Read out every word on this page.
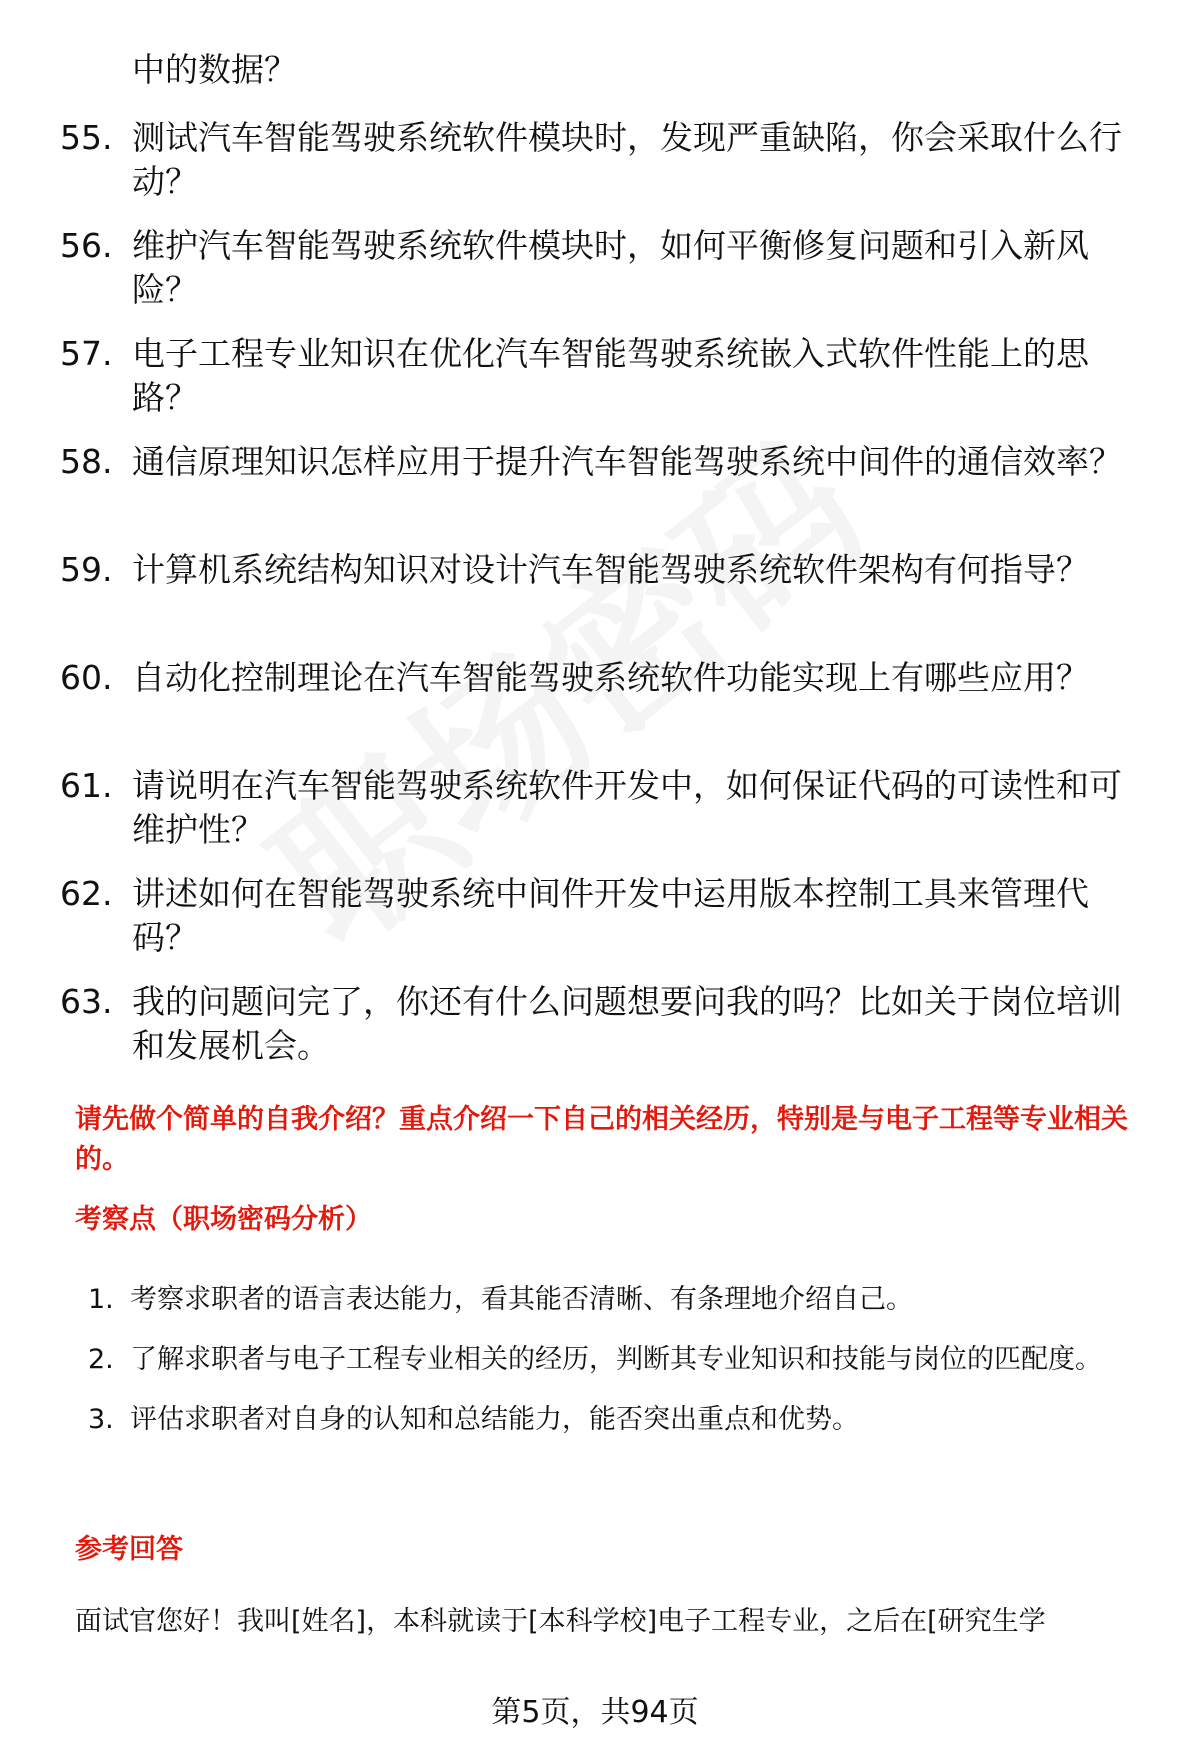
中的数据？
55. 测试汽车智能驾驶系统软件模块时，发现严重缺陷，你会采取什么行动？
56. 维护汽车智能驾驶系统软件模块时，如何平衡修复问题和引入新风险？
57. 电子工程专业知识在优化汽车智能驾驶系统嵌入式软件性能上的思路？
58. 通信原理知识怎样应用于提升汽车智能驾驶系统中间件的通信效率？
59. 计算机系统结构知识对设计汽车智能驾驶系统软件架构有何指导？
60. 自动化控制理论在汽车智能驾驶系统软件功能实现上有哪些应用？
61. 请说明在汽车智能驾驶系统软件开发中，如何保证代码的可读性和可维护性？
62. 讲述如何在智能驾驶系统中间件开发中运用版本控制工具来管理代码？
63. 我的问题问完了，你还有什么问题想要问我的吗？比如关于岗位培训和发展机会。
请先做个简单的自我介绍？重点介绍一下自己的相关经历，特别是与电子工程等专业相关的。
考察点（职场密码分析）
1. 考察求职者的语言表达能力，看其能否清晰、有条理地介绍自己。
2. 了解求职者与电子工程专业相关的经历，判断其专业知识和技能与岗位的匹配度。
3. 评估求职者对自身的认知和总结能力，能否突出重点和优势。
参考回答
面试官您好！我叫[姓名]，本科就读于[本科学校]电子工程专业，之后在[研究生学
第5页，共94页
